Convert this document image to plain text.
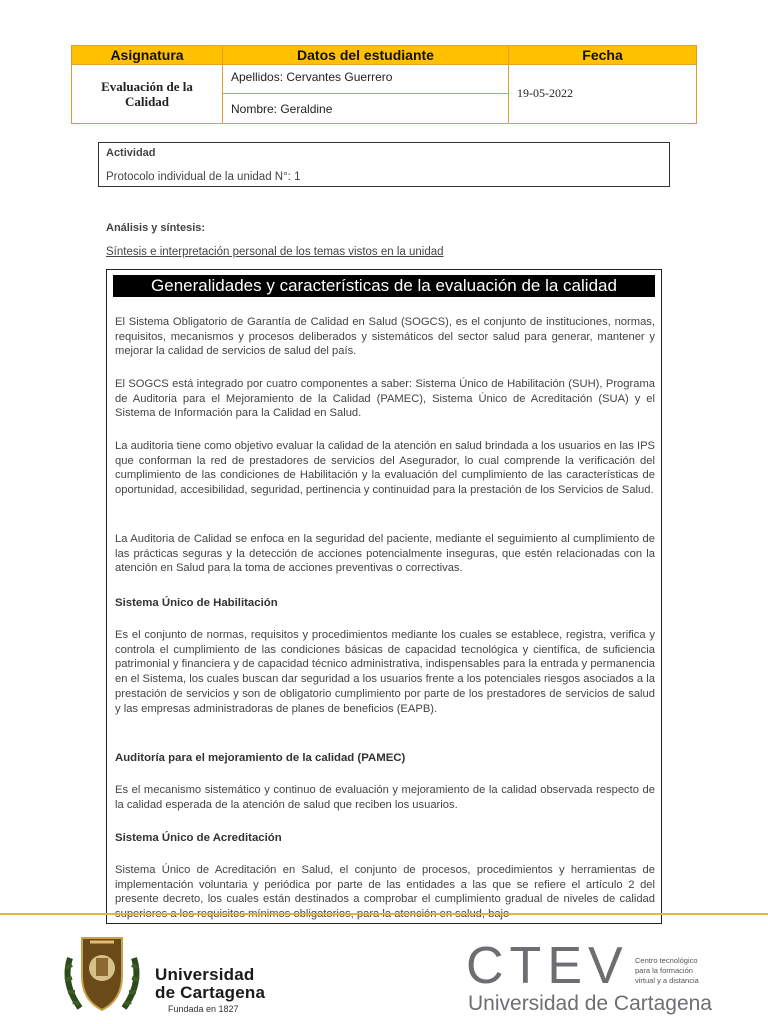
Asignatura	Datos del estudiante	Fecha
Evaluación de la Calidad
Apellidos: Cervantes Guerrero
Nombre: Geraldine
19-05-2022
Actividad
Protocolo individual de la unidad N°: 1
Análisis y síntesis:
Síntesis e interpretación personal de los temas vistos en la unidad
Generalidades y características de la evaluación de la calidad
El Sistema Obligatorio de Garantía de Calidad en Salud (SOGCS), es el conjunto de instituciones, normas, requisitos, mecanismos y procesos deliberados y sistemáticos del sector salud para generar, mantener y mejorar la calidad de servicios de salud del país.
El SOGCS está integrado por cuatro componentes a saber: Sistema Único de Habilitación (SUH), Programa de Auditoria para el Mejoramiento de la Calidad (PAMEC), Sistema Único de Acreditación (SUA) y el Sistema de Información para la Calidad en Salud.
La auditoria tiene como objetivo evaluar la calidad de la atención en salud brindada a los usuarios en las IPS que conforman la red de prestadores de servicios del Asegurador, lo cual comprende la verificación del cumplimiento de las condiciones de Habilitación y la evaluación del cumplimiento de las características de oportunidad, accesibilidad, seguridad, pertinencia y continuidad para la prestación de los Servicios de Salud.
La Auditoria de Calidad se enfoca en la seguridad del paciente, mediante el seguimiento al cumplimiento de las prácticas seguras y la detección de acciones potencialmente inseguras, que estén relacionadas con la atención en Salud para la toma de acciones preventivas o correctivas.
Sistema Único de Habilitación
Es el conjunto de normas, requisitos y procedimientos mediante los cuales se establece, registra, verifica y controla el cumplimiento de las condiciones básicas de capacidad tecnológica y científica, de suficiencia patrimonial y financiera y de capacidad técnico administrativa, indispensables para la entrada y permanencia en el Sistema, los cuales buscan dar seguridad a los usuarios frente a los potenciales riesgos asociados a la prestación de servicios y son de obligatorio cumplimiento por parte de los prestadores de servicios de salud y las empresas administradoras de planes de beneficios (EAPB).
Auditoría para el mejoramiento de la calidad (PAMEC)
Es el mecanismo sistemático y continuo de evaluación y mejoramiento de la calidad observada respecto de la calidad esperada de la atención de salud que reciben los usuarios.
Sistema Único de Acreditación
Sistema Único de Acreditación en Salud, el conjunto de procesos, procedimientos y herramientas de implementación voluntaria y periódica por parte de las entidades a las que se refiere el artículo 2 del presente decreto, los cuales están destinados a comprobar el cumplimiento gradual de niveles de calidad
Universidad
de Cartagena
Fundada en 1827
CTEV Centro tecnológico
para la formación
virtual y a distancia
Universidad de Cartagena
